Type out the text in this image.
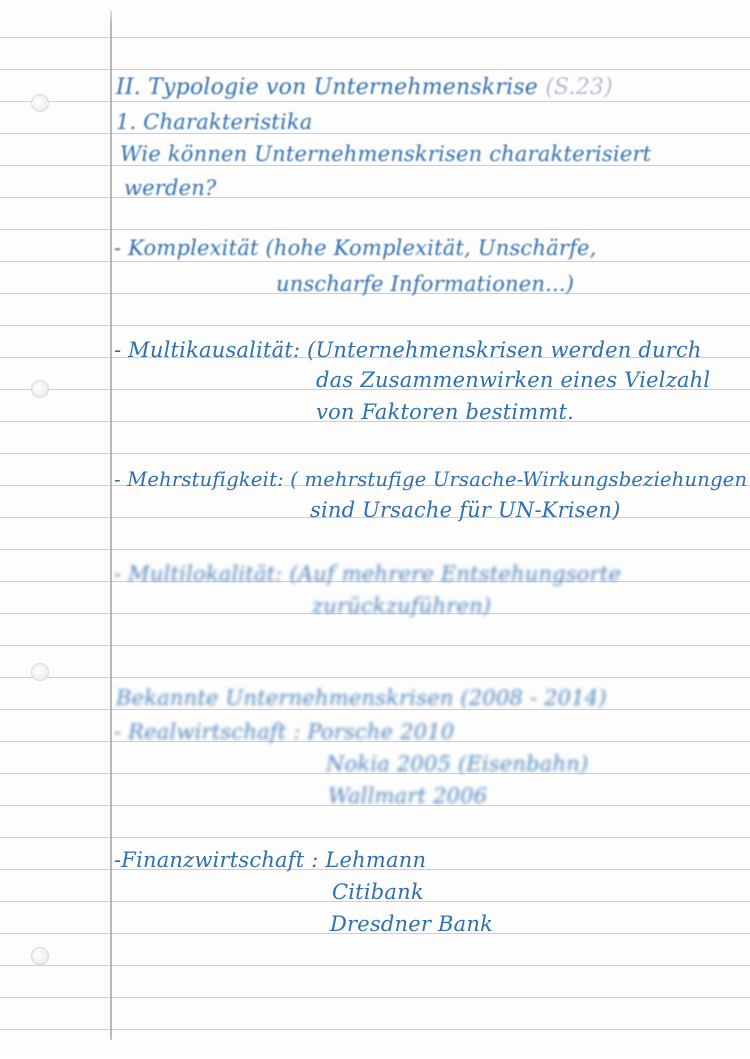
II. Typologie von Unternehmenskrise (S.23)

1. Charakteristika

Wie können Unternehmenskrisen charakterisiert

werden?

- Komplexität (hohe Komplexität, Unschärfe,

unscharfe Informationen...)

- Multikausalität: (Unternehmenskrisen werden durch

das Zusammenwirken eines Vielzahl

von Faktoren bestimmt.

- Mehrstufigkeit: ( mehrstufige Ursache-Wirkungsbeziehungen

sind Ursache für UN-Krisen)

- Multilokalität: (Auf mehrere Entstehungsorte

zurückzuführen)

Bekannte Unternehmenskrisen (2008 - 2014)

- Realwirtschaft : Porsche 2010

Nokia 2005 (Eisenbahn)

Wallmart 2006

-Finanzwirtschaft : Lehmann

Citibank

Dresdner Bank
